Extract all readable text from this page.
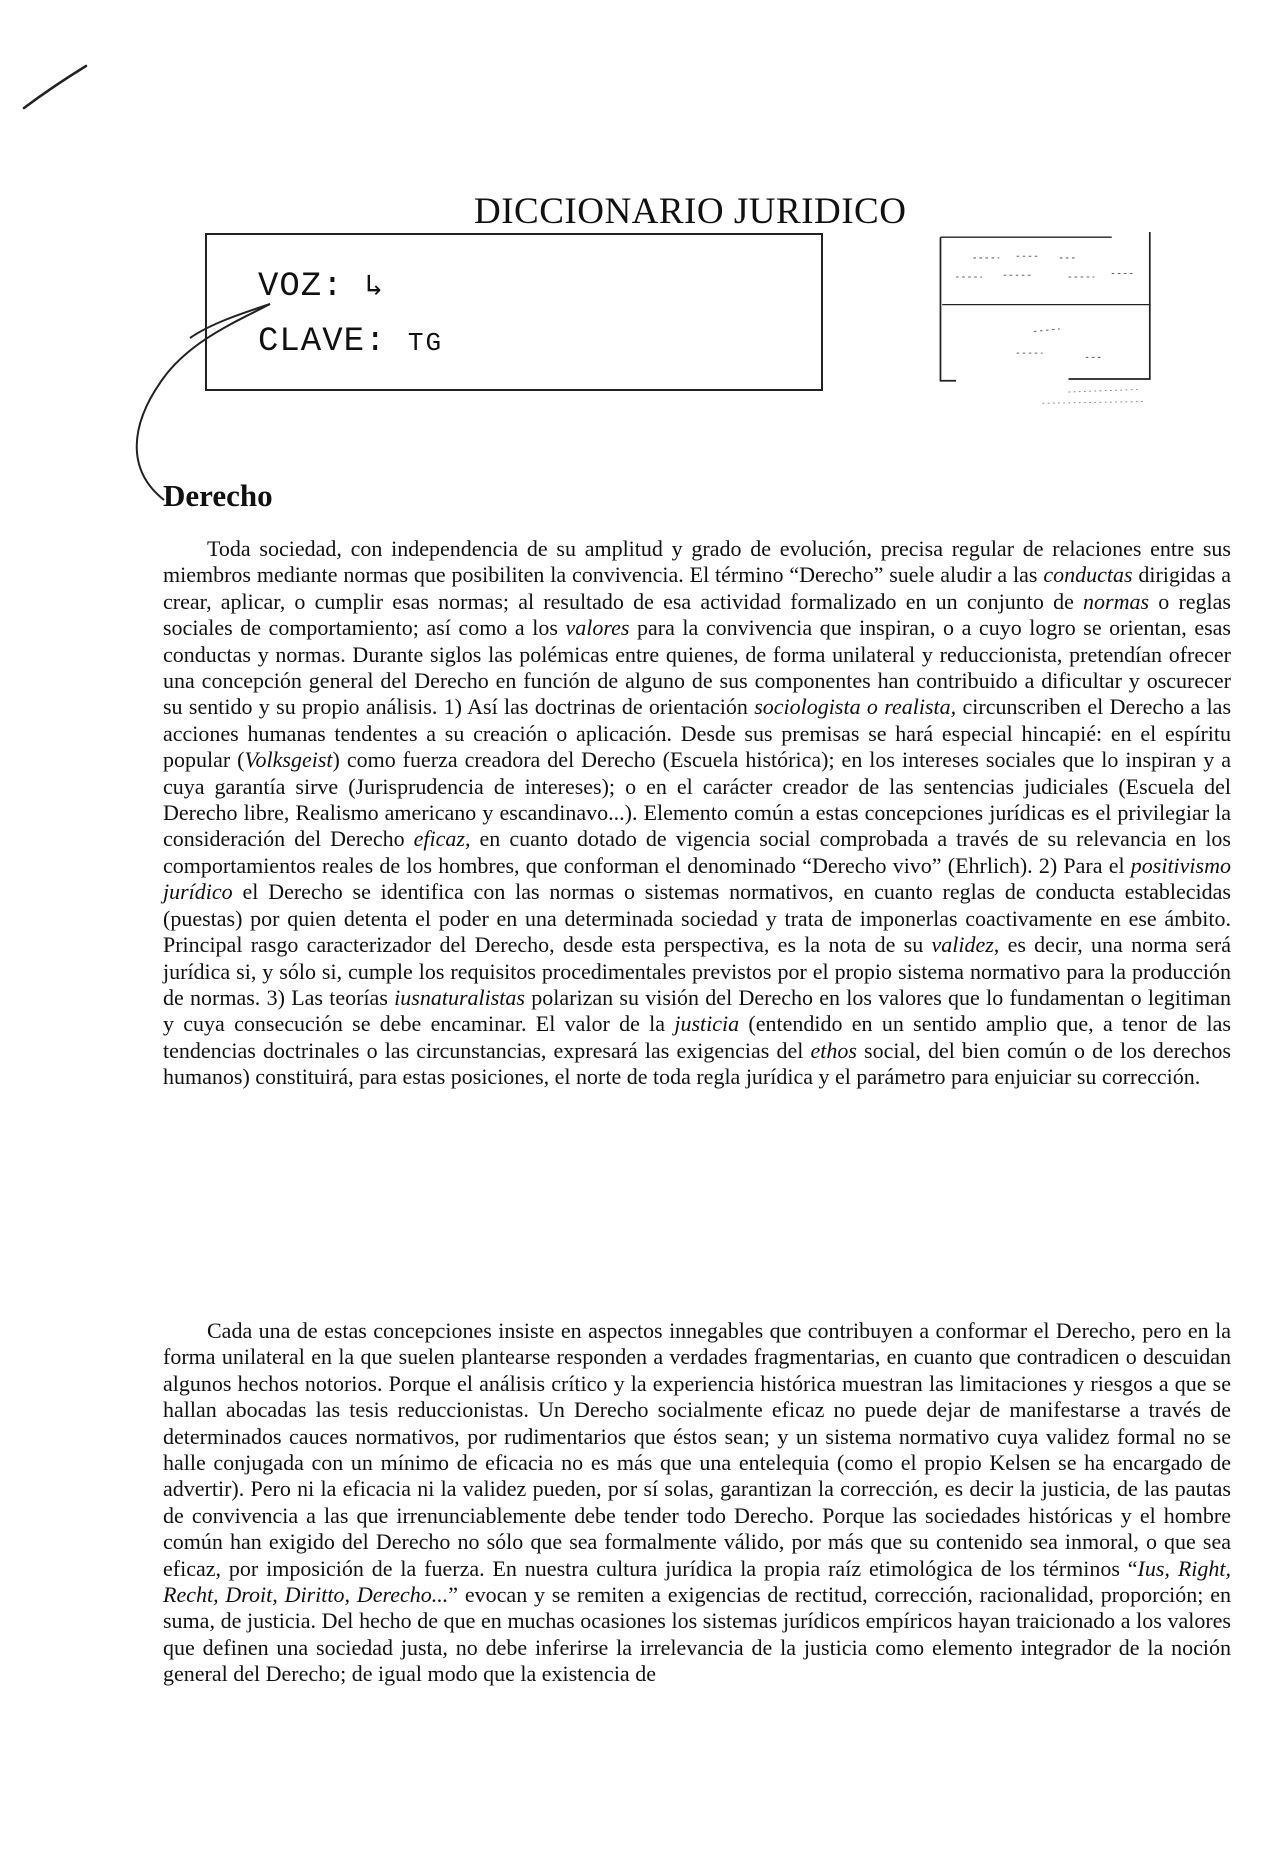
DICCIONARIO JURIDICO
VOZ: ↳
CLAVE: TG
Derecho

Toda sociedad, con independencia de su amplitud y grado de evolución, precisa regular de relaciones entre sus miembros mediante normas que posibiliten la convivencia. El término “Derecho” suele aludir a las conductas dirigidas a crear, aplicar, o cumplir esas normas; al resultado de esa actividad formalizado en un conjunto de normas o reglas sociales de comportamiento; así como a los valores para la convivencia que inspiran, o a cuyo logro se orientan, esas conductas y normas. Durante siglos las polémicas entre quienes, de forma unilateral y reduccionista, pretendían ofrecer una concepción general del Derecho en función de alguno de sus componentes han contribuido a dificultar y oscurecer su sentido y su propio análisis. 1) Así las doctrinas de orientación sociologista o realista, circunscriben el Derecho a las acciones humanas tendentes a su creación o aplicación. Desde sus premisas se hará especial hincapié: en el espíritu popular (Volksgeist) como fuerza creadora del Derecho (Escuela histórica); en los intereses sociales que lo inspiran y a cuya garantía sirve (Jurisprudencia de intereses); o en el carácter creador de las sentencias judiciales (Escuela del Derecho libre, Realismo americano y escandinavo...). Elemento común a estas concepciones jurídicas es el privilegiar la consideración del Derecho eficaz, en cuanto dotado de vigencia social comprobada a través de su relevancia en los comportamientos reales de los hombres, que conforman el denominado “Derecho vivo” (Ehrlich). 2) Para el positivismo jurídico el Derecho se identifica con las normas o sistemas normativos, en cuanto reglas de conducta establecidas (puestas) por quien detenta el poder en una determinada sociedad y trata de imponerlas coactivamente en ese ámbito. Principal rasgo caracterizador del Derecho, desde esta perspectiva, es la nota de su validez, es decir, una norma será jurídica si, y sólo si, cumple los requisitos procedimentales previstos por el propio sistema normativo para la producción de normas. 3) Las teorías iusnaturalistas polarizan su visión del Derecho en los valores que lo fundamentan o legitiman y cuya consecución se debe encaminar. El valor de la justicia (entendido en un sentido amplio que, a tenor de las tendencias doctrinales o las circunstancias, expresará las exigencias del ethos social, del bien común o de los derechos humanos) constituirá, para estas posiciones, el norte de toda regla jurídica y el parámetro para enjuiciar su corrección.

Cada una de estas concepciones insiste en aspectos innegables que contribuyen a conformar el Derecho, pero en la forma unilateral en la que suelen plantearse responden a verdades fragmentarias, en cuanto que contradicen o descuidan algunos hechos notorios. Porque el análisis crítico y la experiencia histórica muestran las limitaciones y riesgos a que se hallan abocadas las tesis reduccionistas. Un Derecho socialmente eficaz no puede dejar de manifestarse a través de determinados cauces normativos, por rudimentarios que éstos sean; y un sistema normativo cuya validez formal no se halle conjugada con un mínimo de eficacia no es más que una entelequia (como el propio Kelsen se ha encargado de advertir). Pero ni la eficacia ni la validez pueden, por sí solas, garantizan la corrección, es decir la justicia, de las pautas de convivencia a las que irrenunciablemente debe tender todo Derecho. Porque las sociedades históricas y el hombre común han exigido del Derecho no sólo que sea formalmente válido, por más que su contenido sea inmoral, o que sea eficaz, por imposición de la fuerza. En nuestra cultura jurídica la propia raíz etimológica de los términos “Ius, Right, Recht, Droit, Diritto, Derecho...” evocan y se remiten a exigencias de rectitud, corrección, racionalidad, proporción; en suma, de justicia. Del hecho de que en muchas ocasiones los sistemas jurídicos empíricos hayan traicionado a los valores que definen una sociedad justa, no debe inferirse la irrelevancia de la justicia como elemento integrador de la noción general del Derecho; de igual modo que la existencia de
